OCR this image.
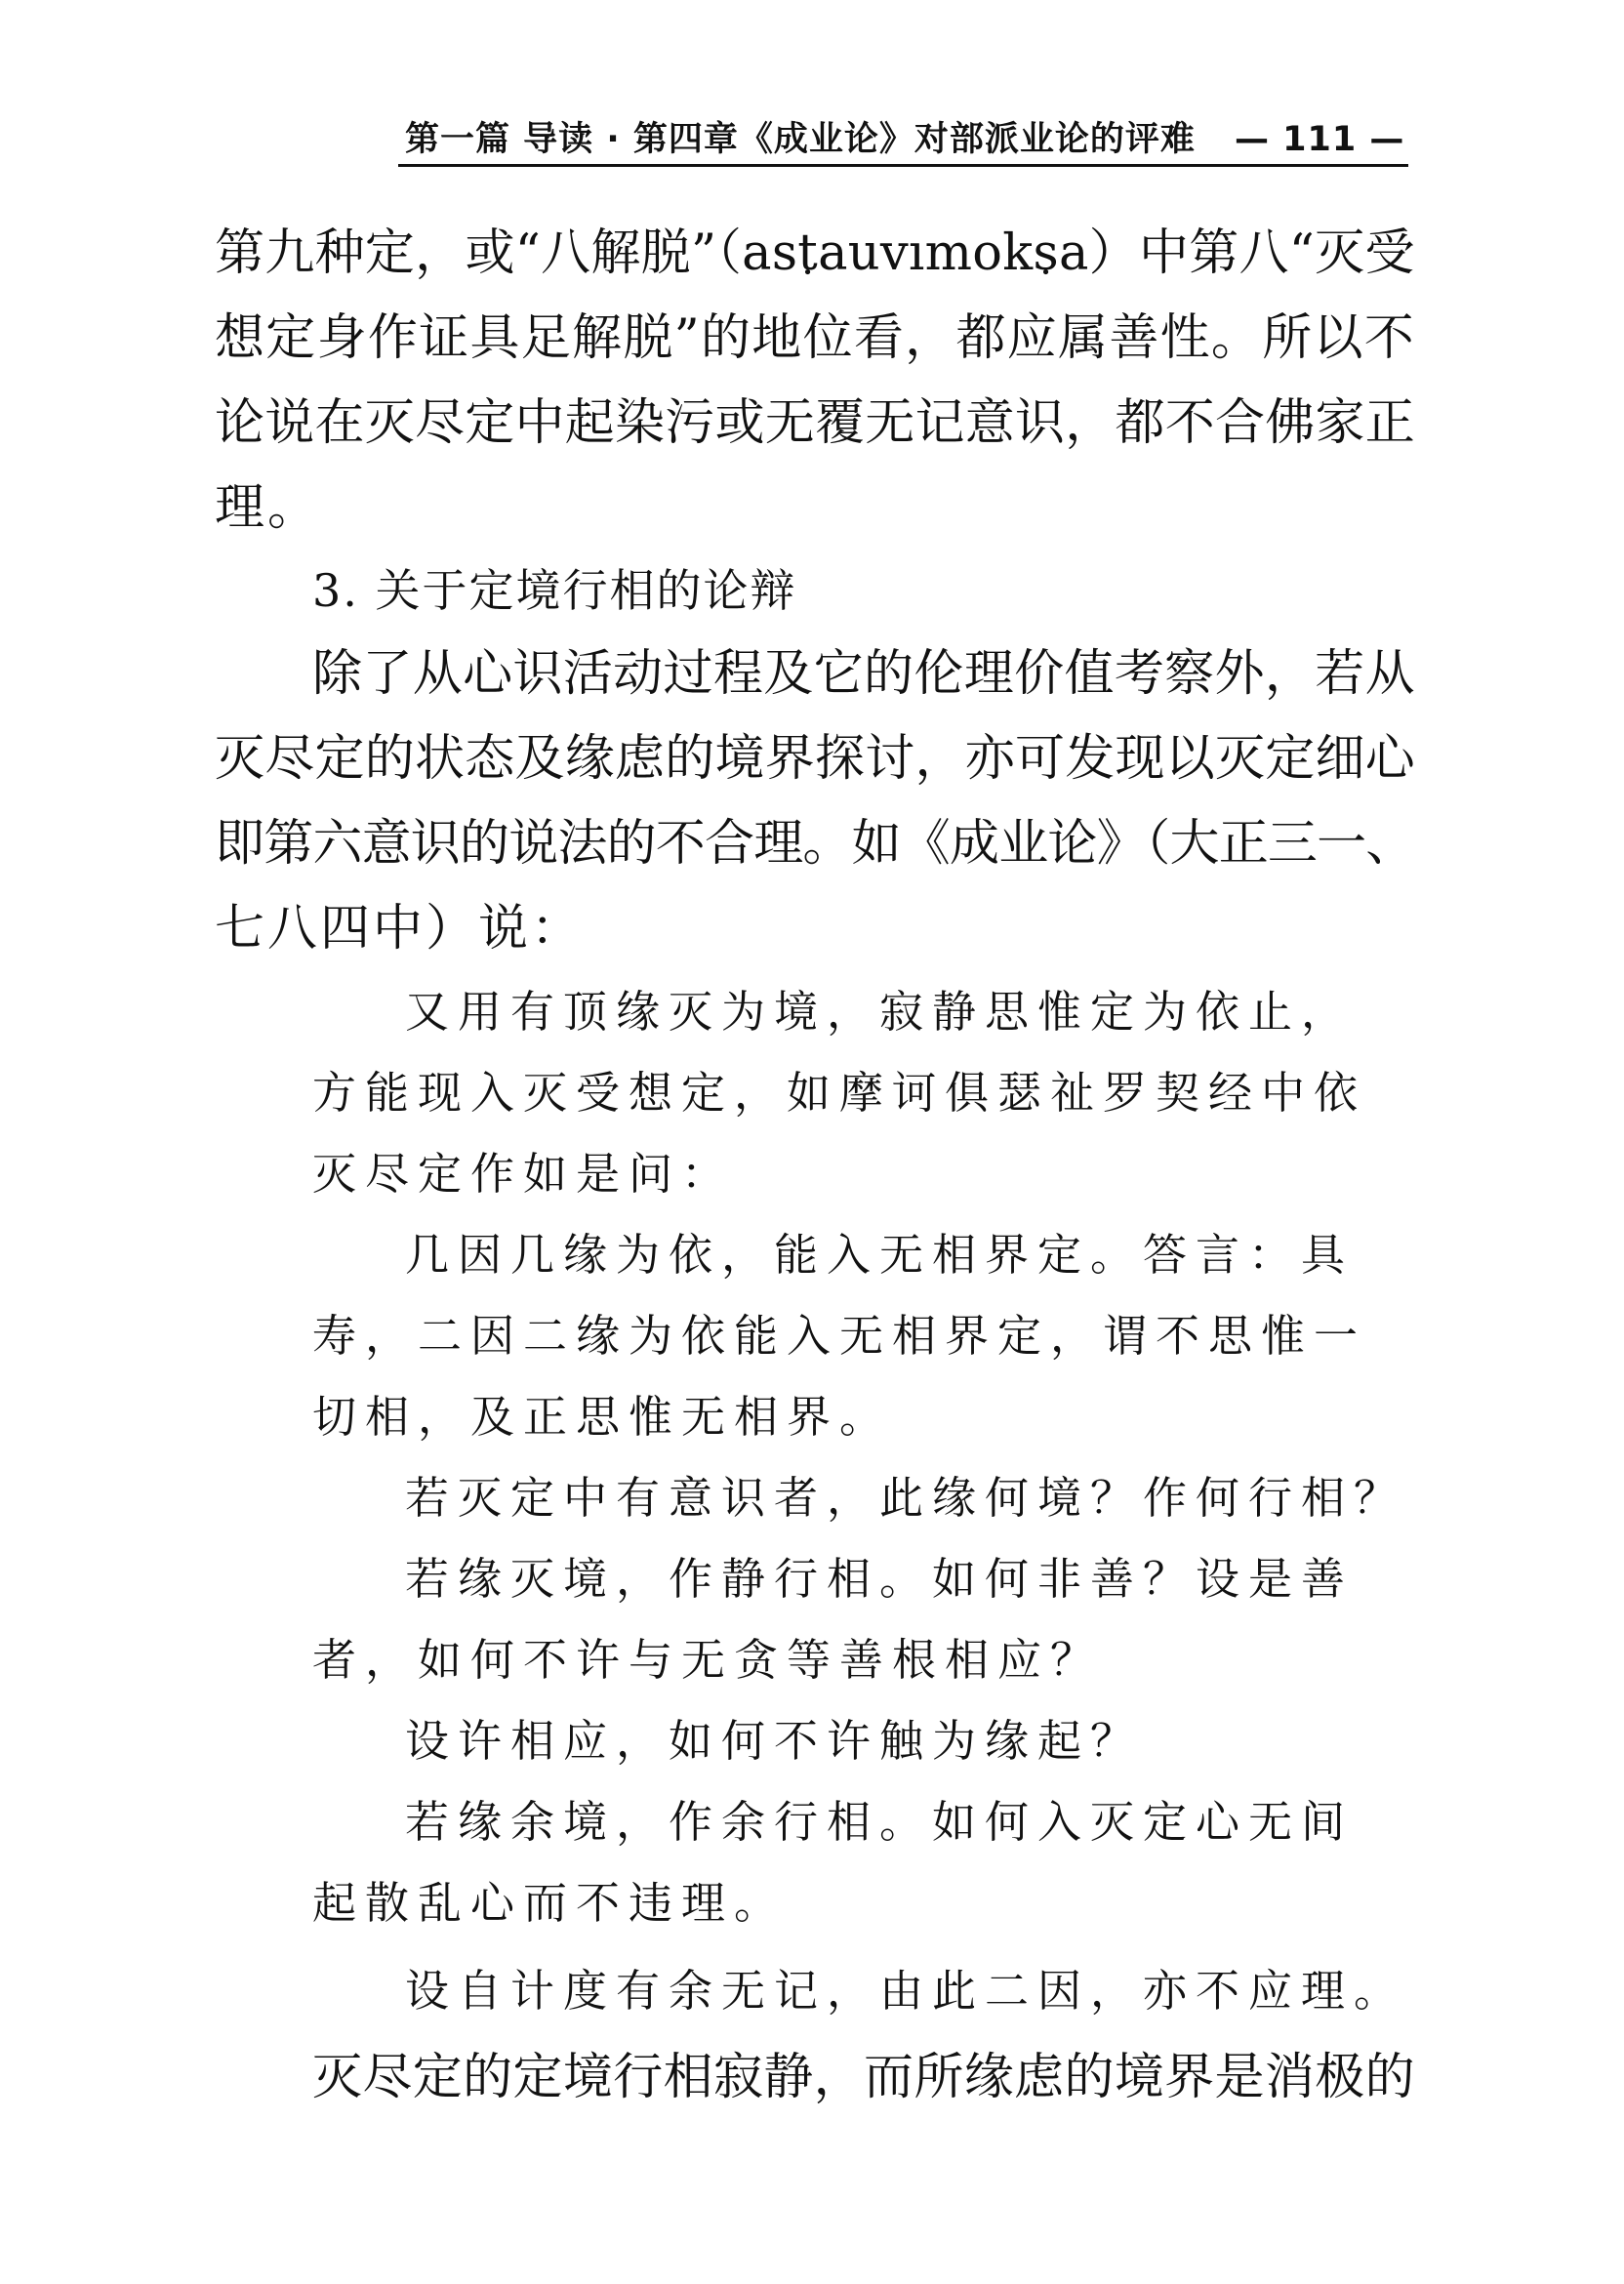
第一篇 导读 · 第四章《成业论》对部派业论的评难 — 111 —
第九种定，或“八解脱”（ast •auvımoks •a）中第八“灭受
想定身作证具足解脱”的地位看，都应属善性。所以不
论说在灭尽定中起染污或无覆无记意识，都不合佛家正
理。
3. 关于定境行相的论辩
除了从心识活动过程及它的伦理价值考察外，若从
灭尽定的状态及缘虑的境界探讨，亦可发现以灭定细心
即第六意识的说法的不合理。如《成业论》（大正三一、
七八四中）说：
又用有顶缘灭为境，寂静思惟定为依止，
方能现入灭受想定，如摩诃俱瑟祉罗契经中依
灭尽定作如是问：
几因几缘为依，能入无相界定。答言：具
寿，二因二缘为依能入无相界定，谓不思惟一
切相，及正思惟无相界。
若灭定中有意识者，此缘何境？作何行相？
若缘灭境，作静行相。如何非善？设是善
者，如何不许与无贪等善根相应？
设许相应，如何不许触为缘起？
若缘余境，作余行相。如何入灭定心无间
起散乱心而不违理。
设自计度有余无记，由此二因，亦不应理。
灭尽定的定境行相寂静，而所缘虑的境界是消极的
